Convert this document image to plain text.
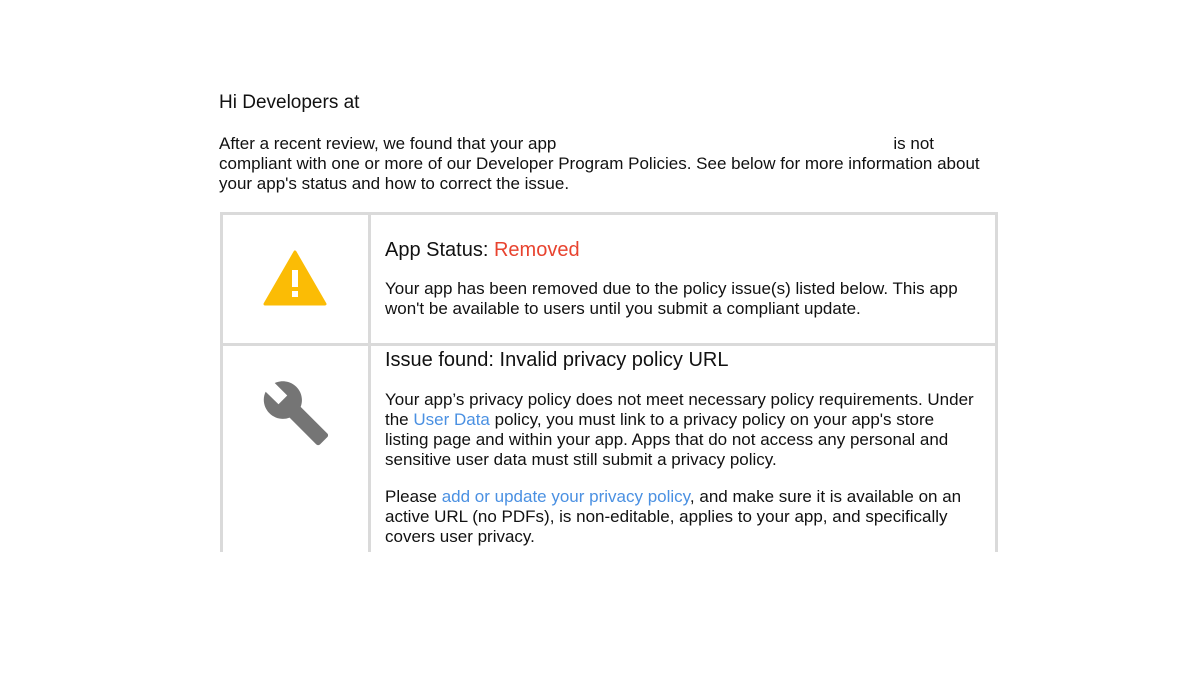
Hi Developers at

After a recent review, we found that your app	is not compliant with one or more of our Developer Program Policies. See below for more information about your app's status and how to correct the issue.

App Status: Removed

Your app has been removed due to the policy issue(s) listed below. This app won't be available to users until you submit a compliant update.

Issue found: Invalid privacy policy URL

Your app’s privacy policy does not meet necessary policy requirements. Under the User Data policy, you must link to a privacy policy on your app's store listing page and within your app. Apps that do not access any personal and sensitive user data must still submit a privacy policy.

Please add or update your privacy policy, and make sure it is available on an active URL (no PDFs), is non-editable, applies to your app, and specifically covers user privacy.
